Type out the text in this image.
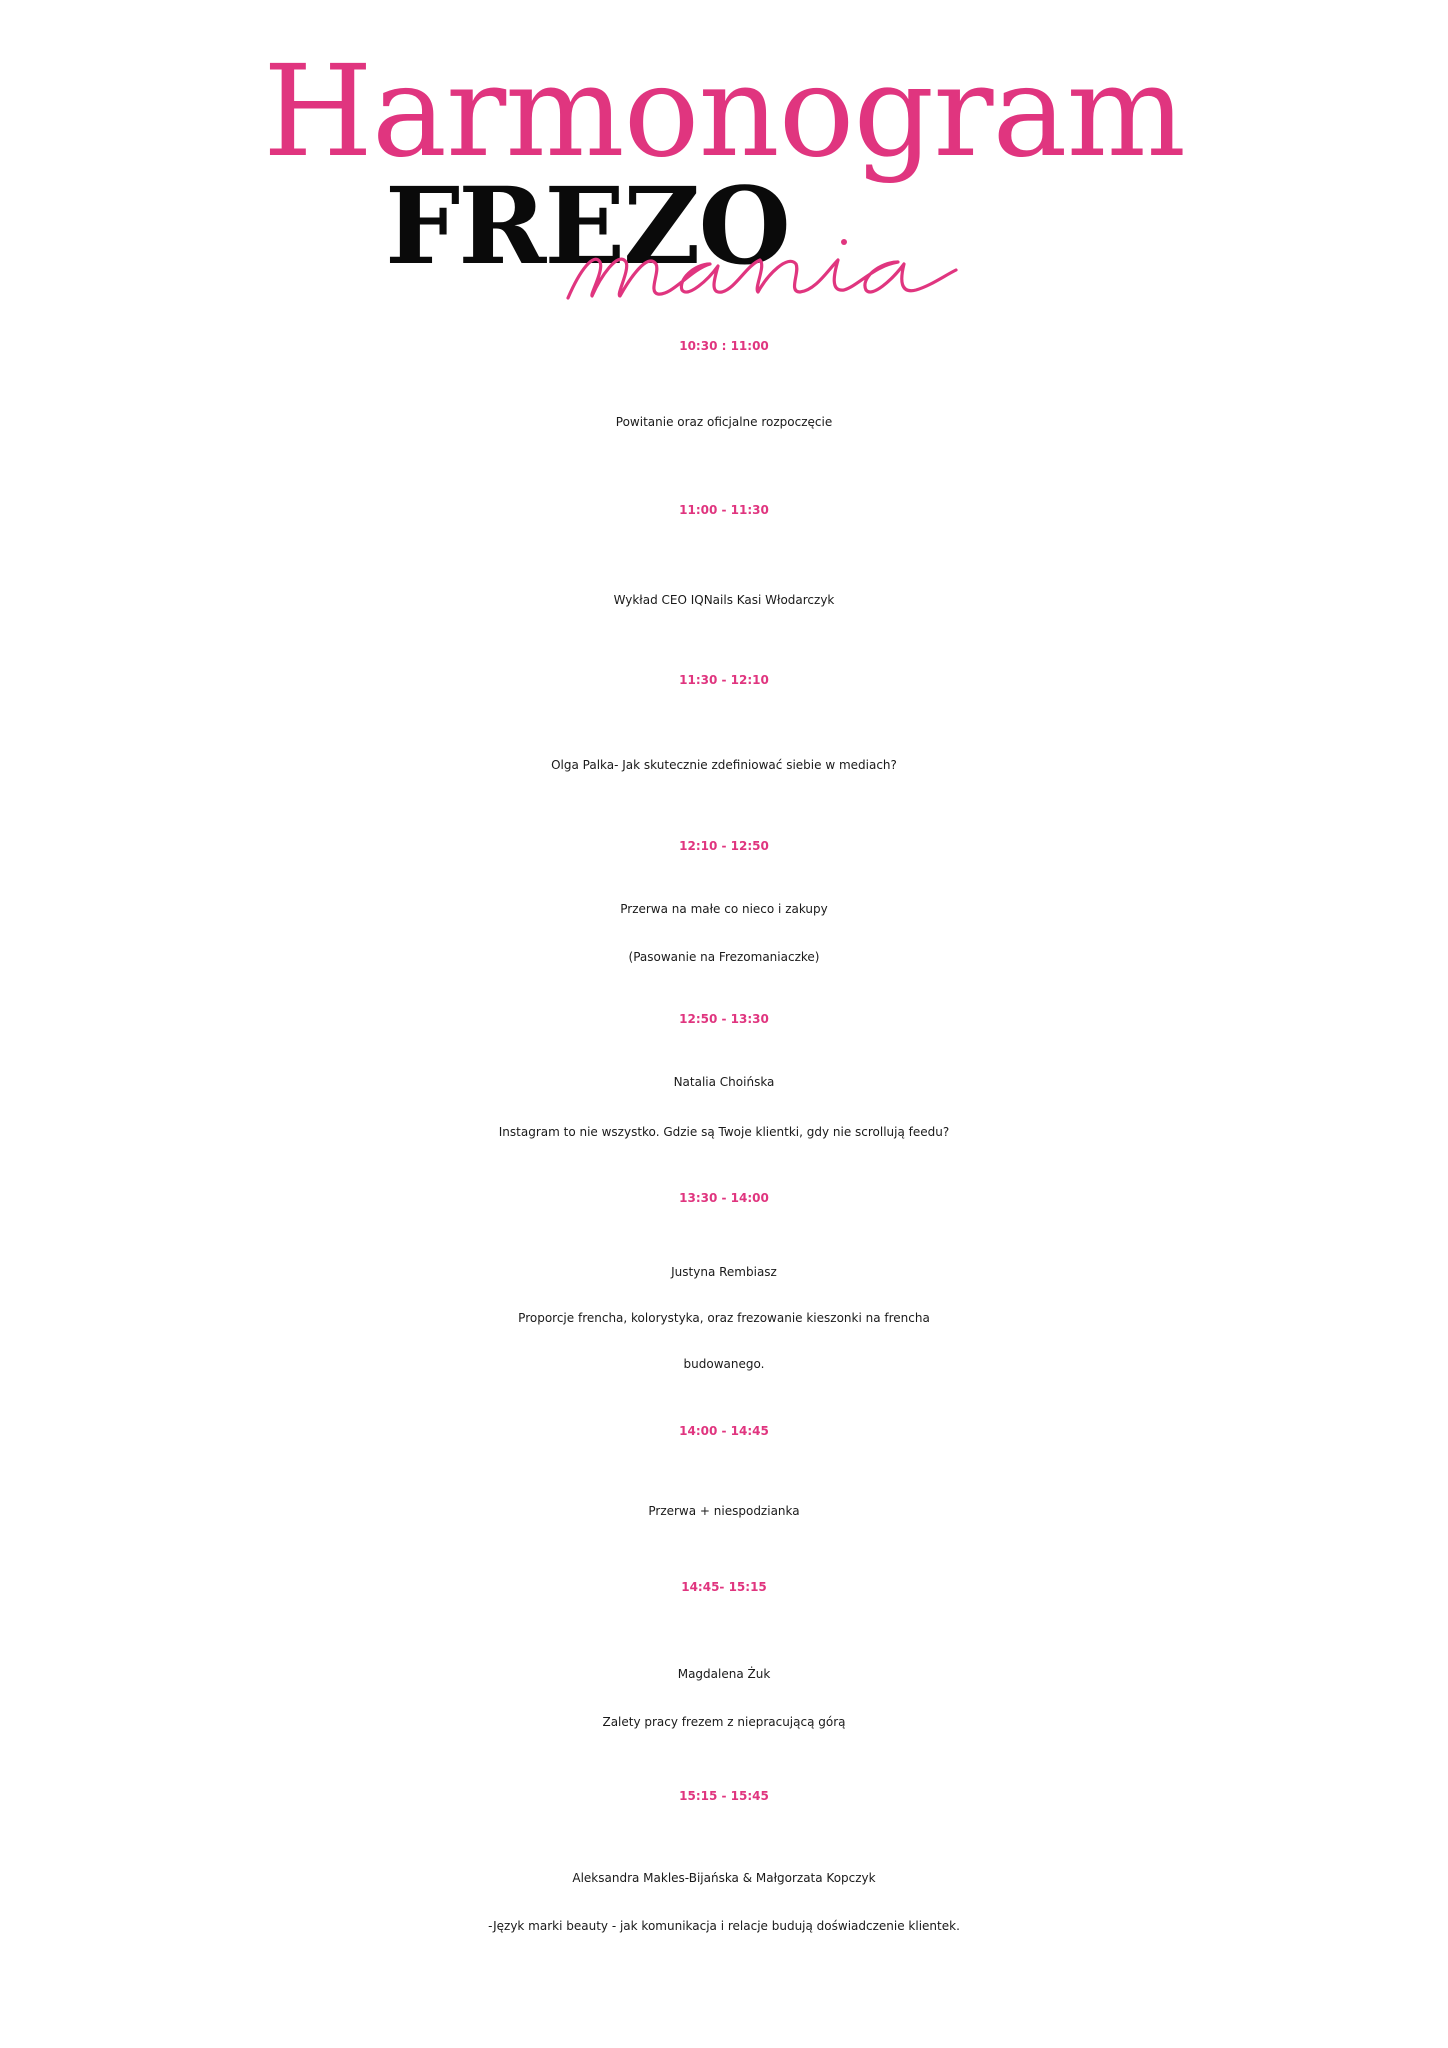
Harmonogram
FREZO
10:30 : 11:00
Powitanie oraz oficjalne rozpoczęcie
11:00 - 11:30
Wykład CEO IQNails Kasi Włodarczyk
11:30 - 12:10
Olga Palka- Jak skutecznie zdefiniować siebie w mediach?
12:10 - 12:50
Przerwa na małe co nieco i zakupy
(Pasowanie na Frezomaniaczke)
12:50 - 13:30
Natalia Choińska
Instagram to nie wszystko. Gdzie są Twoje klientki, gdy nie scrollują feedu?
13:30 - 14:00
Justyna Rembiasz
Proporcje frencha, kolorystyka, oraz frezowanie kieszonki na frencha
budowanego.
14:00 - 14:45
Przerwa + niespodzianka
14:45- 15:15
Magdalena Żuk
Zalety pracy frezem z niepracującą górą
15:15 - 15:45
Aleksandra Makles-Bijańska & Małgorzata Kopczyk
-Język marki beauty - jak komunikacja i relacje budują doświadczenie klientek.
